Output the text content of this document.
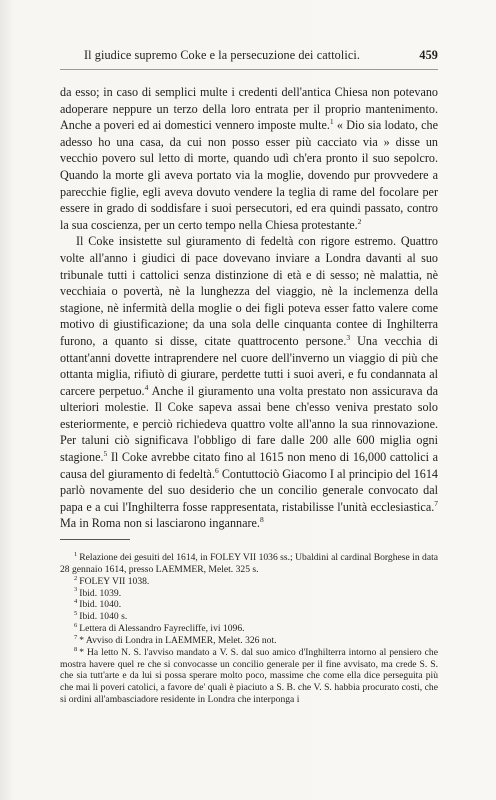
Il giudice supremo Coke e la persecuzione dei cattolici.	459

da esso; in caso di semplici multe i credenti dell'antica Chiesa non potevano adoperare neppure un terzo della loro entrata per il proprio mantenimento. Anche a poveri ed ai domestici vennero imposte multe.$^1$ « Dio sia lodato, che adesso ho una casa, da cui non posso esser più cacciato via » disse un vecchio povero sul letto di morte, quando udì ch'era pronto il suo sepolcro. Quando la morte gli aveva portato via la moglie, dovendo pur provvedere a parecchie figlie, egli aveva dovuto vendere la teglia di rame del focolare per essere in grado di soddisfare i suoi persecutori, ed era quindi passato, contro la sua coscienza, per un certo tempo nella Chiesa protestante.$^2$

Il Coke insistette sul giuramento di fedeltà con rigore estremo. Quattro volte all'anno i giudici di pace dovevano inviare a Londra davanti al suo tribunale tutti i cattolici senza distinzione di età e di sesso; nè malattia, nè vecchiaia o povertà, nè la lunghezza del viaggio, nè la inclemenza della stagione, nè infermità della moglie o dei figli poteva esser fatto valere come motivo di giustificazione; da una sola delle cinquanta contee di Inghilterra furono, a quanto si disse, citate quattrocento persone.$^3$ Una vecchia di ottant'anni dovette intraprendere nel cuore dell'inverno un viaggio di più che ottanta miglia, rifiutò di giurare, perdette tutti i suoi averi, e fu condannata al carcere perpetuo.$^4$ Anche il giuramento una volta prestato non assicurava da ulteriori molestie. Il Coke sapeva assai bene ch'esso veniva prestato solo esteriormente, e perciò richiedeva quattro volte all'anno la sua rinnovazione. Per taluni ciò significava l'obbligo di fare dalle 200 alle 600 miglia ogni stagione.$^5$ Il Coke avrebbe citato fino al 1615 non meno di 16,000 cattolici a causa del giuramento di fedeltà.$^6$ Contuttociò Giacomo I al principio del 1614 parlò novamente del suo desiderio che un concilio generale convocato dal papa e a cui l'Inghilterra fosse rappresentata, ristabilisse l'unità ecclesiastica.$^7$ Ma in Roma non si lasciarono ingannare.$^8$

$^1$ Relazione dei gesuiti del 1614, in FOLEY VII 1036 ss.; Ubaldini al cardinal Borghese in data 28 gennaio 1614, presso LAEMMER, Melet. 325 s.

$^2$ FOLEY VII 1038.

$^3$ Ibid. 1039.

$^4$ Ibid. 1040.

$^5$ Ibid. 1040 s.

$^6$ Lettera di Alessandro Fayrecliffe, ivi 1096.

$^7$ * Avviso di Londra in LAEMMER, Melet. 326 not.

$^8$ * Ha letto N. S. l'avviso mandato a V. S. dal suo amico d'Inghilterra intorno al pensiero che mostra havere quel re che si convocasse un concilio generale per il fine avvisato, ma crede S. S. che sia tutt'arte e da lui si possa sperare molto poco, massime che come ella dice perseguita più che mai li poveri catolici, a favore de' quali è piaciuto a S. B. che V. S. habbia procurato costi, che si ordini all'ambasciadore residente in Londra che interponga i
